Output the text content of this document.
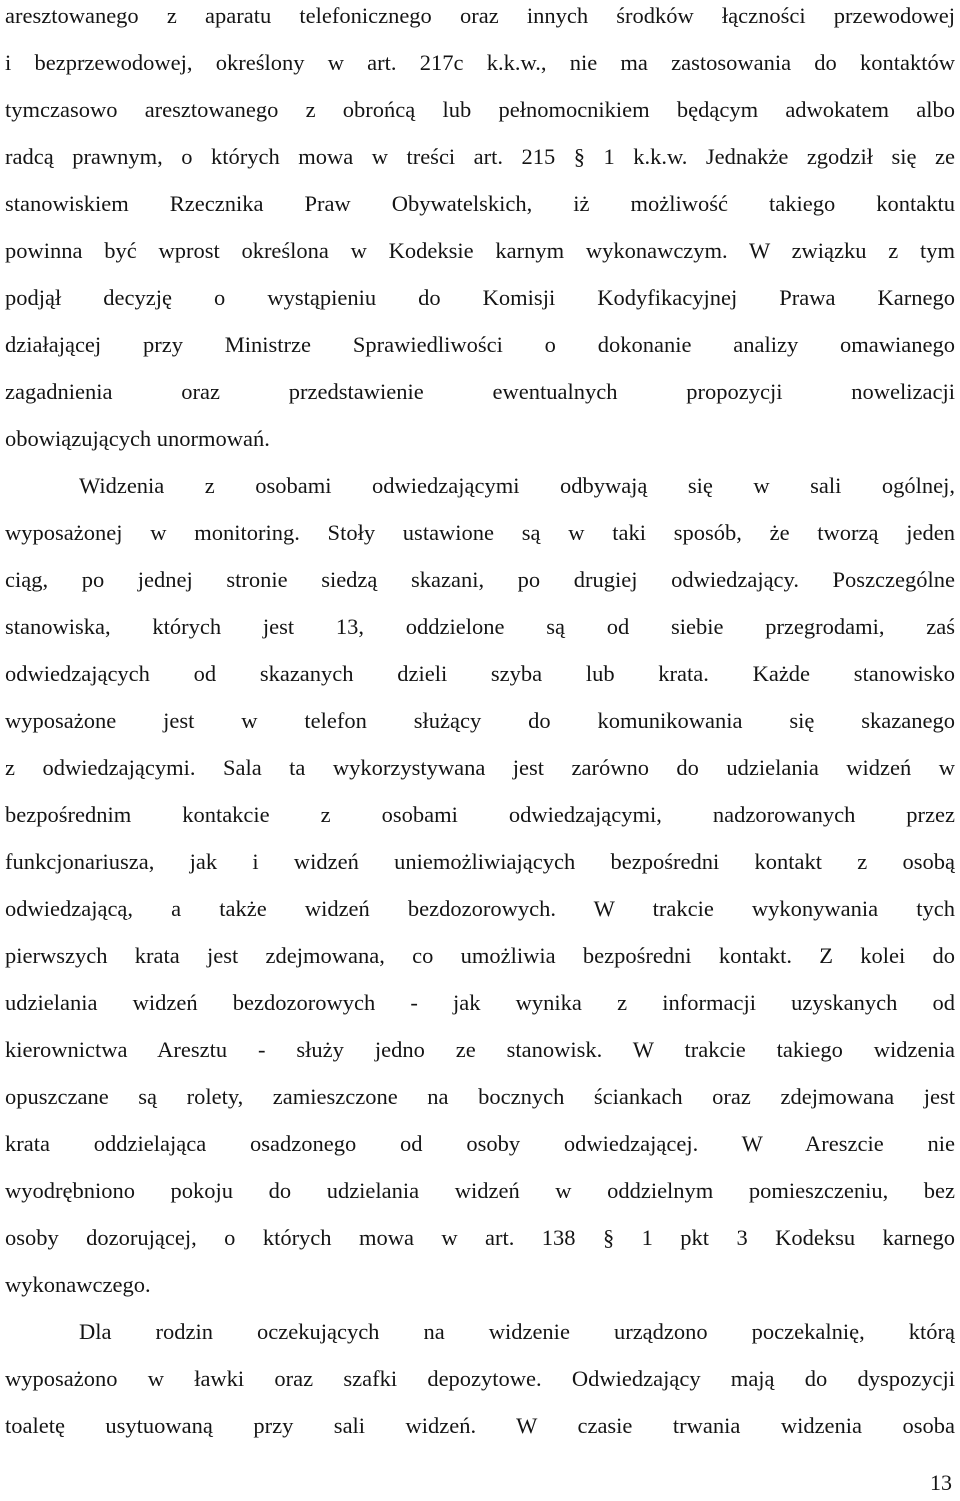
aresztowanego z aparatu telefonicznego oraz innych środków łączności przewodowej
i bezprzewodowej, określony w art. 217c k.k.w., nie ma zastosowania do kontaktów
tymczasowo aresztowanego z obrońcą lub pełnomocnikiem będącym adwokatem albo
radcą prawnym, o których mowa w treści art. 215 § 1 k.k.w. Jednakże zgodził się ze
stanowiskiem Rzecznika Praw Obywatelskich, iż możliwość takiego kontaktu
powinna być wprost określona w Kodeksie karnym wykonawczym. W związku z tym
podjął decyzję o wystąpieniu do Komisji Kodyfikacyjnej Prawa Karnego
działającej przy Ministrze Sprawiedliwości o dokonanie analizy omawianego
zagadnienia oraz przedstawienie ewentualnych propozycji nowelizacji
obowiązujących unormowań.
Widzenia z osobami odwiedzającymi odbywają się w sali ogólnej,
wyposażonej w monitoring. Stoły ustawione są w taki sposób, że tworzą jeden
ciąg, po jednej stronie siedzą skazani, po drugiej odwiedzający. Poszczególne
stanowiska, których jest 13, oddzielone są od siebie przegrodami, zaś
odwiedzających od skazanych dzieli szyba lub krata. Każde stanowisko
wyposażone jest w telefon służący do komunikowania się skazanego
z odwiedzającymi. Sala ta wykorzystywana jest zarówno do udzielania widzeń w
bezpośrednim kontakcie z osobami odwiedzającymi, nadzorowanych przez
funkcjonariusza, jak i widzeń uniemożliwiających bezpośredni kontakt z osobą
odwiedzającą, a także widzeń bezdozorowych. W trakcie wykonywania tych
pierwszych krata jest zdejmowana, co umożliwia bezpośredni kontakt. Z kolei do
udzielania widzeń bezdozorowych - jak wynika z informacji uzyskanych od
kierownictwa Aresztu - służy jedno ze stanowisk. W trakcie takiego widzenia
opuszczane są rolety, zamieszczone na bocznych ściankach oraz zdejmowana jest
krata oddzielająca osadzonego od osoby odwiedzającej. W Areszcie nie
wyodrębniono pokoju do udzielania widzeń w oddzielnym pomieszczeniu, bez
osoby dozorującej, o których mowa w art. 138 § 1 pkt 3 Kodeksu karnego
wykonawczego.
Dla rodzin oczekujących na widzenie urządzono poczekalnię, którą
wyposażono w ławki oraz szafki depozytowe. Odwiedzający mają do dyspozycji
toaletę usytuowaną przy sali widzeń. W czasie trwania widzenia osoba
13
